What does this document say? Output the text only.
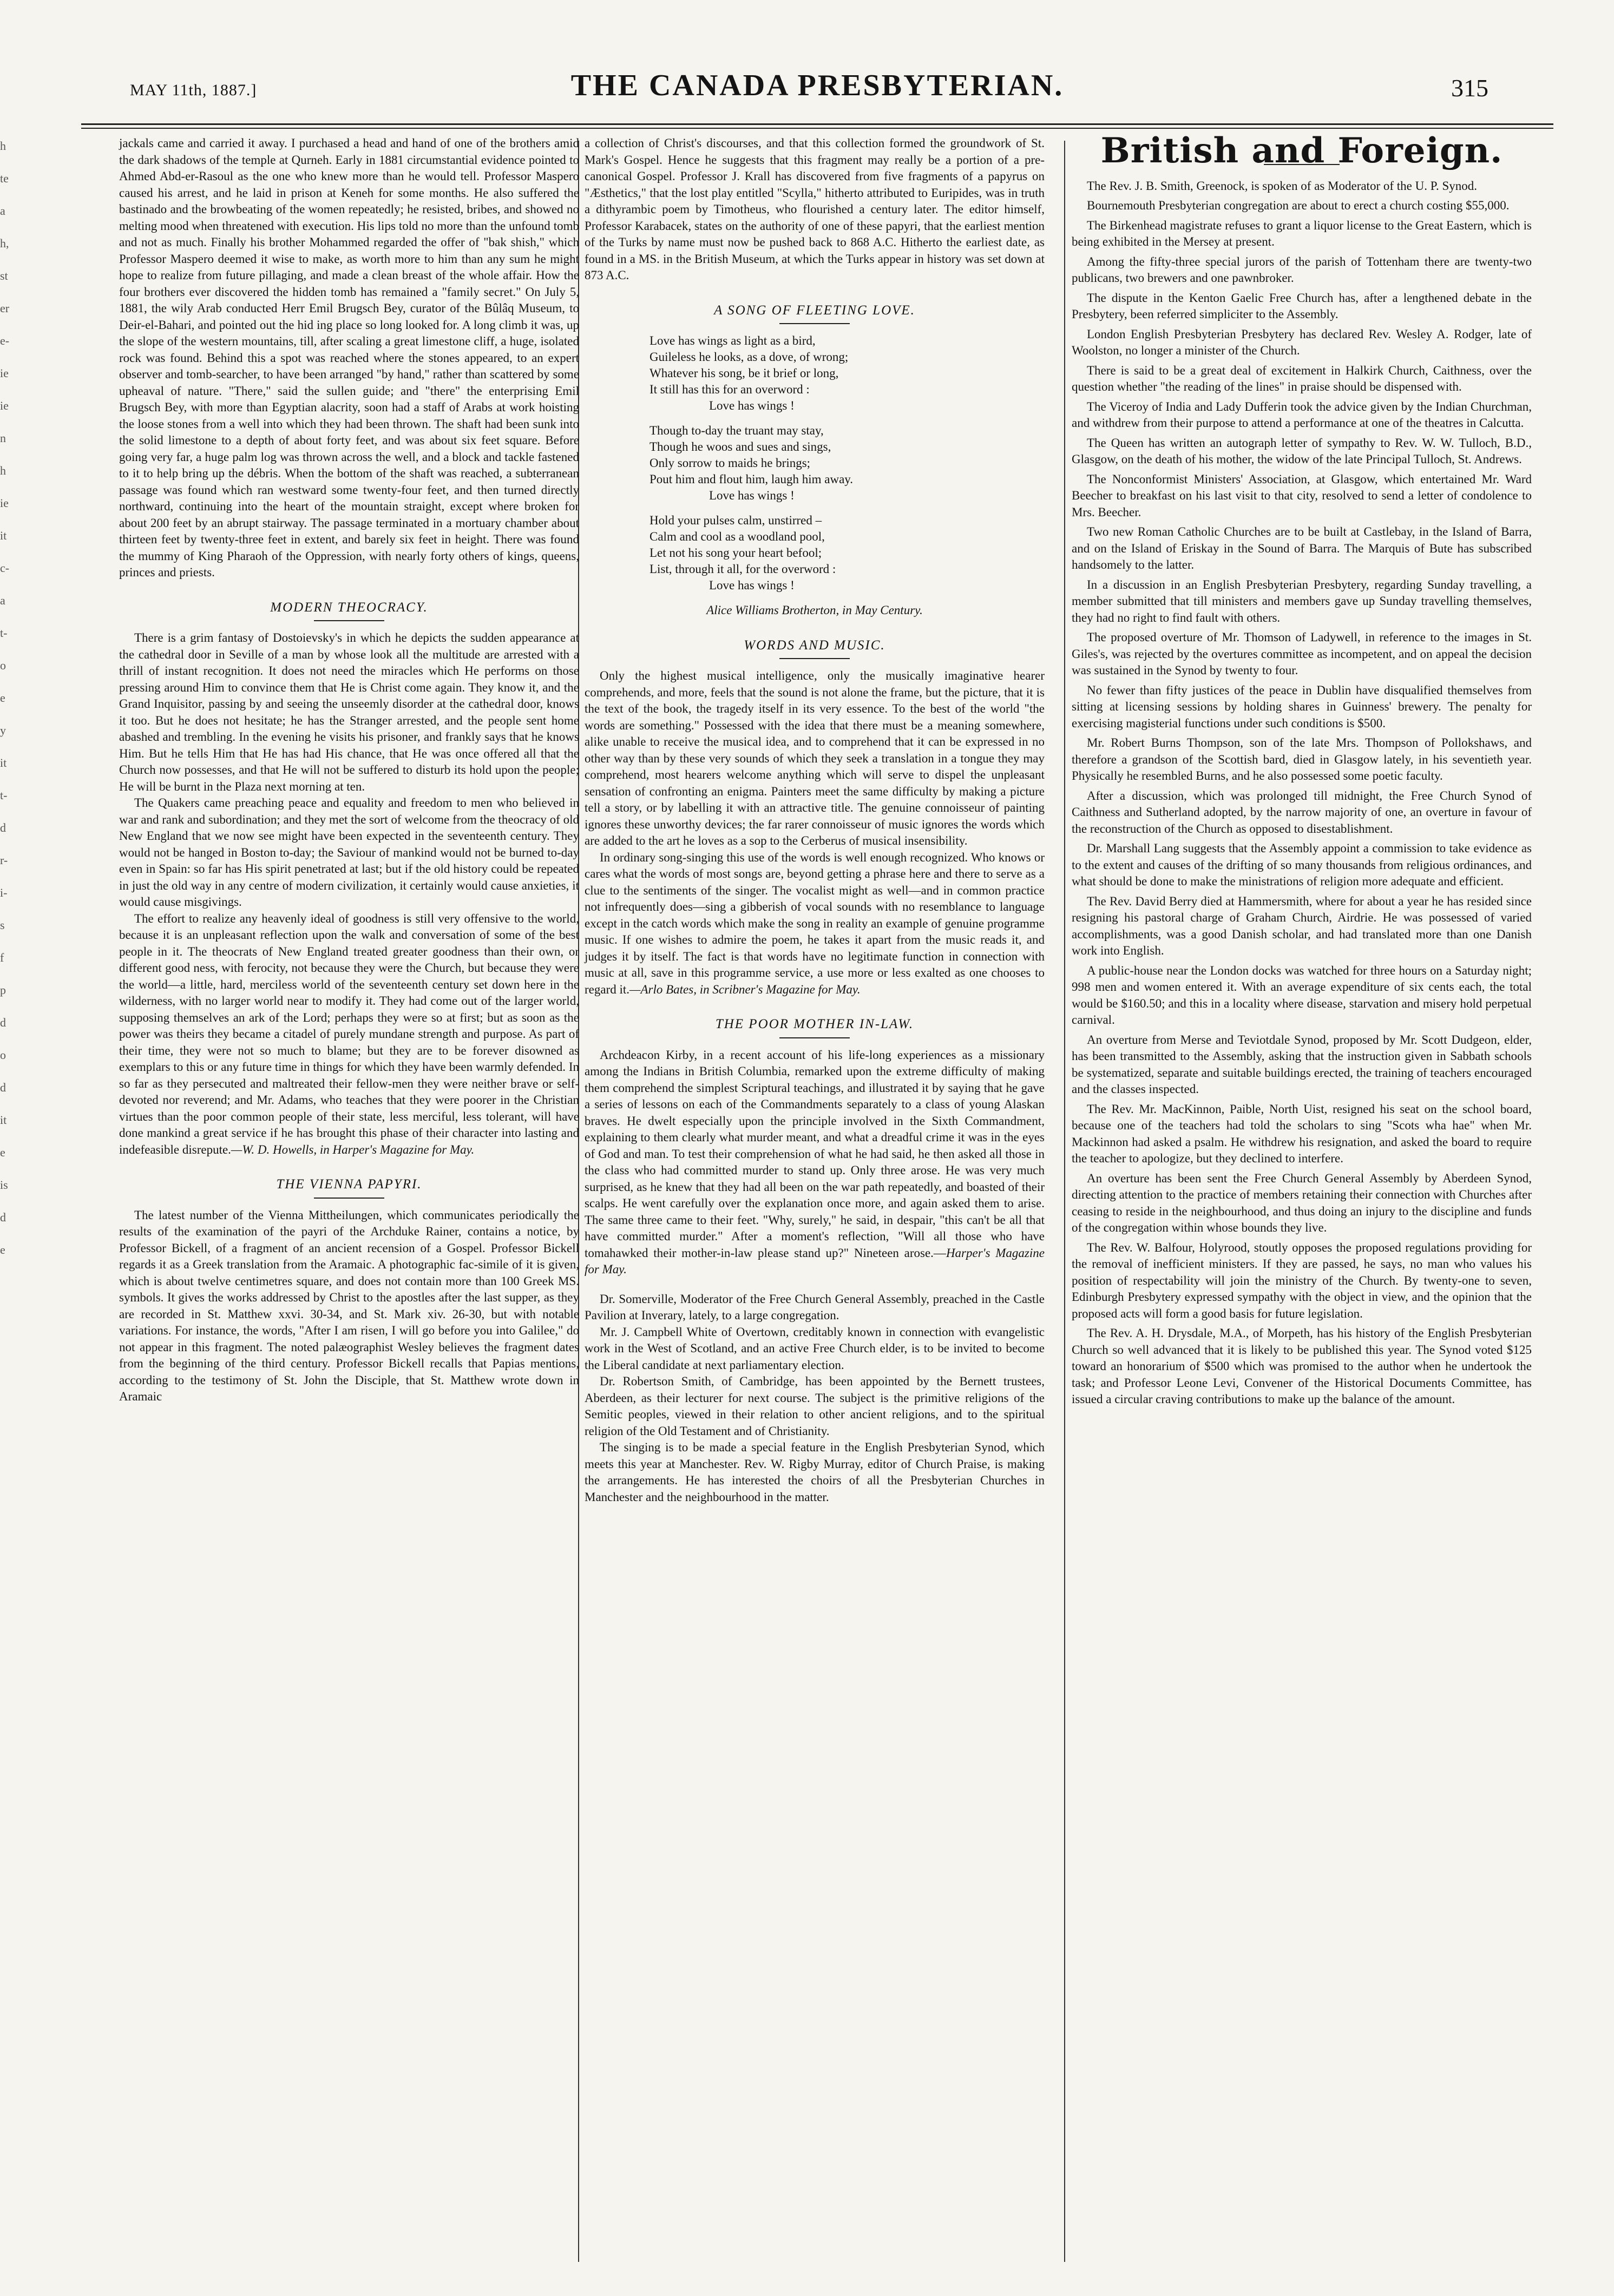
h
te
a
h,
st
er
e-
ie
ie
n
h
ie
it
c-
a
t-
o
e
y
it
t-
d
r-
i-
s
f
p
d
o
d
it
e
is
d
e
MAY 11th, 1887.]	THE CANADA PRESBYTERIAN.	315

jackals came and carried it away. I purchased a head and hand of one of the brothers amid the dark shadows of the temple at Qurneh. Early in 1881 circumstantial evidence pointed to Ahmed Abd-er-Rasoul as the one who knew more than he would tell. Professor Maspero caused his arrest, and he laid in prison at Keneh for some months. He also suffered the bastinado and the browbeating of the women repeatedly; he resisted, bribes, and showed no melting mood when threatened with execution. His lips told no more than the unfound tomb and not as much. Finally his brother Mohammed regarded the offer of "bak shish," which Professor Maspero deemed it wise to make, as worth more to him than any sum he might hope to realize from future pillaging, and made a clean breast of the whole affair. How the four brothers ever discovered the hidden tomb has remained a "family secret." On July 5, 1881, the wily Arab conducted Herr Emil Brugsch Bey, curator of the Bûlâq Museum, to Deir-el-Bahari, and pointed out the hid ing place so long looked for. A long climb it was, up the slope of the western mountains, till, after scaling a great limestone cliff, a huge, isolated rock was found. Behind this a spot was reached where the stones appeared, to an expert observer and tomb-searcher, to have been arranged "by hand," rather than scattered by some upheaval of nature. "There," said the sullen guide; and "there" the enterprising Emil Brugsch Bey, with more than Egyptian alacrity, soon had a staff of Arabs at work hoisting the loose stones from a well into which they had been thrown. The shaft had been sunk into the solid limestone to a depth of about forty feet, and was about six feet square. Before going very far, a huge palm log was thrown across the well, and a block and tackle fastened to it to help bring up the débris. When the bottom of the shaft was reached, a subterranean passage was found which ran westward some twenty-four feet, and then turned directly northward, continuing into the heart of the mountain straight, except where broken for about 200 feet by an abrupt stairway. The passage terminated in a mortuary chamber about thirteen feet by twenty-three feet in extent, and barely six feet in height. There was found the mummy of King Pharaoh of the Oppression, with nearly forty others of kings, queens, princes and priests.

MODERN THEOCRACY.

There is a grim fantasy of Dostoievsky's in which he depicts the sudden appearance at the cathedral door in Seville of a man by whose look all the multitude are arrested with a thrill of instant recognition. It does not need the miracles which He performs on those pressing around Him to convince them that He is Christ come again. They know it, and the Grand Inquisitor, passing by and seeing the unseemly disorder at the cathedral door, knows it too. But he does not hesitate; he has the Stranger arrested, and the people sent home abashed and trembling. In the evening he visits his prisoner, and frankly says that he knows Him. But he tells Him that He has had His chance, that He was once offered all that the Church now possesses, and that He will not be suffered to disturb its hold upon the people; He will be burnt in the Plaza next morning at ten.

The Quakers came preaching peace and equality and freedom to men who believed in war and rank and subordination; and they met the sort of welcome from the theocracy of old New England that we now see might have been expected in the seventeenth century. They would not be hanged in Boston to-day; the Saviour of mankind would not be burned to-day even in Spain: so far has His spirit penetrated at last; but if the old history could be repeated in just the old way in any centre of modern civilization, it certainly would cause anxieties, it would cause misgivings.

The effort to realize any heavenly ideal of goodness is still very offensive to the world, because it is an unpleasant reflection upon the walk and conversation of some of the best people in it. The theocrats of New England treated greater goodness than their own, or different good ness, with ferocity, not because they were the Church, but because they were the world—a little, hard, merciless world of the seventeenth century set down here in the wilderness, with no larger world near to modify it. They had come out of the larger world, supposing themselves an ark of the Lord; perhaps they were so at first; but as soon as the power was theirs they became a citadel of purely mundane strength and purpose. As part of their time, they were not so much to blame; but they are to be forever disowned as exemplars to this or any future time in things for which they have been warmly defended. In so far as they persecuted and maltreated their fellow-men they were neither brave or self-devoted nor reverend; and Mr. Adams, who teaches that they were poorer in the Christian virtues than the poor common people of their state, less merciful, less tolerant, will have done mankind a great service if he has brought this phase of their character into lasting and indefeasible disrepute.—W. D. Howells, in Harper's Magazine for May.

THE VIENNA PAPYRI.

The latest number of the Vienna Mittheilungen, which communicates periodically the results of the examination of the payri of the Archduke Rainer, contains a notice, by Professor Bickell, of a fragment of an ancient recension of a Gospel. Professor Bickell regards it as a Greek translation from the Aramaic. A photographic fac-simile of it is given, which is about twelve centimetres square, and does not contain more than 100 Greek MS. symbols. It gives the works addressed by Christ to the apostles after the last supper, as they are recorded in St. Matthew xxvi. 30-34, and St. Mark xiv. 26-30, but with notable variations. For instance, the words, "After I am risen, I will go before you into Galilee," do not appear in this fragment. The noted palæographist Wesley believes the fragment dates from the beginning of the third century. Professor Bickell recalls that Papias mentions, according to the testimony of St. John the Disciple, that St. Matthew wrote down in Aramaic

a collection of Christ's discourses, and that this collection formed the groundwork of St. Mark's Gospel. Hence he suggests that this fragment may really be a portion of a pre-canonical Gospel. Professor J. Krall has discovered from five fragments of a papyrus on "Æsthetics," that the lost play entitled "Scylla," hitherto attributed to Euripides, was in truth a dithyrambic poem by Timotheus, who flourished a century later. The editor himself, Professor Karabacek, states on the authority of one of these papyri, that the earliest mention of the Turks by name must now be pushed back to 868 A.C. Hitherto the earliest date, as found in a MS. in the British Museum, at which the Turks appear in history was set down at 873 A.C.

A SONG OF FLEETING LOVE.
Love has wings as light as a bird,
Guileless he looks, as a dove, of wrong;
Whatever his song, be it brief or long,
It still has this for an overword :
Love has wings !
Though to-day the truant may stay,
Though he woos and sues and sings,
Only sorrow to maids he brings;
Pout him and flout him, laugh him away.
Love has wings !
Hold your pulses calm, unstirred –
Calm and cool as a woodland pool,
Let not his song your heart befool;
List, through it all, for the overword :
Love has wings !
Alice Williams Brotherton, in May Century.
WORDS AND MUSIC.

Only the highest musical intelligence, only the musically imaginative hearer comprehends, and more, feels that the sound is not alone the frame, but the picture, that it is the text of the book, the tragedy itself in its very essence. To the best of the world "the words are something." Possessed with the idea that there must be a meaning somewhere, alike unable to receive the musical idea, and to comprehend that it can be expressed in no other way than by these very sounds of which they seek a translation in a tongue they may comprehend, most hearers welcome anything which will serve to dispel the unpleasant sensation of confronting an enigma. Painters meet the same difficulty by making a picture tell a story, or by labelling it with an attractive title. The genuine connoisseur of painting ignores these unworthy devices; the far rarer connoisseur of music ignores the words which are added to the art he loves as a sop to the Cerberus of musical insensibility.

In ordinary song-singing this use of the words is well enough recognized. Who knows or cares what the words of most songs are, beyond getting a phrase here and there to serve as a clue to the sentiments of the singer. The vocalist might as well—and in common practice not infrequently does—sing a gibberish of vocal sounds with no resemblance to language except in the catch words which make the song in reality an example of genuine programme music. If one wishes to admire the poem, he takes it apart from the music reads it, and judges it by itself. The fact is that words have no legitimate function in connection with music at all, save in this programme service, a use more or less exalted as one chooses to regard it.—Arlo Bates, in Scribner's Magazine for May.

THE POOR MOTHER IN-LAW.

Archdeacon Kirby, in a recent account of his life-long experiences as a missionary among the Indians in British Columbia, remarked upon the extreme difficulty of making them comprehend the simplest Scriptural teachings, and illustrated it by saying that he gave a series of lessons on each of the Commandments separately to a class of young Alaskan braves. He dwelt especially upon the principle involved in the Sixth Commandment, explaining to them clearly what murder meant, and what a dreadful crime it was in the eyes of God and man. To test their comprehension of what he had said, he then asked all those in the class who had committed murder to stand up. Only three arose. He was very much surprised, as he knew that they had all been on the war path repeatedly, and boasted of their scalps. He went carefully over the explanation once more, and again asked them to arise. The same three came to their feet. "Why, surely," he said, in despair, "this can't be all that have committed murder." After a moment's reflection, "Will all those who have tomahawked their mother-in-law please stand up?" Nineteen arose.—Harper's Magazine for May.

Dr. Somerville, Moderator of the Free Church General Assembly, preached in the Castle Pavilion at Inverary, lately, to a large congregation.

Mr. J. Campbell White of Overtown, creditably known in connection with evangelistic work in the West of Scotland, and an active Free Church elder, is to be invited to become the Liberal candidate at next parliamentary election.

Dr. Robertson Smith, of Cambridge, has been appointed by the Bernett trustees, Aberdeen, as their lecturer for next course. The subject is the primitive religions of the Semitic peoples, viewed in their relation to other ancient religions, and to the spiritual religion of the Old Testament and of Christianity.

The singing is to be made a special feature in the English Presbyterian Synod, which meets this year at Manchester. Rev. W. Rigby Murray, editor of Church Praise, is making the arrangements. He has interested the choirs of all the Presbyterian Churches in Manchester and the neighbourhood in the matter.

British and Foreign.

The Rev. J. B. Smith, Greenock, is spoken of as Moderator of the U. P. Synod.

Bournemouth Presbyterian congregation are about to erect a church costing $55,000.

The Birkenhead magistrate refuses to grant a liquor license to the Great Eastern, which is being exhibited in the Mersey at present.

Among the fifty-three special jurors of the parish of Tottenham there are twenty-two publicans, two brewers and one pawnbroker.

The dispute in the Kenton Gaelic Free Church has, after a lengthened debate in the Presbytery, been referred simpliciter to the Assembly.

London English Presbyterian Presbytery has declared Rev. Wesley A. Rodger, late of Woolston, no longer a minister of the Church.

There is said to be a great deal of excitement in Halkirk Church, Caithness, over the question whether "the reading of the lines" in praise should be dispensed with.

The Viceroy of India and Lady Dufferin took the advice given by the Indian Churchman, and withdrew from their purpose to attend a performance at one of the theatres in Calcutta.

The Queen has written an autograph letter of sympathy to Rev. W. W. Tulloch, B.D., Glasgow, on the death of his mother, the widow of the late Principal Tulloch, St. Andrews.

The Nonconformist Ministers' Association, at Glasgow, which entertained Mr. Ward Beecher to breakfast on his last visit to that city, resolved to send a letter of condolence to Mrs. Beecher.

Two new Roman Catholic Churches are to be built at Castlebay, in the Island of Barra, and on the Island of Eriskay in the Sound of Barra. The Marquis of Bute has subscribed handsomely to the latter.

In a discussion in an English Presbyterian Presbytery, regarding Sunday travelling, a member submitted that till ministers and members gave up Sunday travelling themselves, they had no right to find fault with others.

The proposed overture of Mr. Thomson of Ladywell, in reference to the images in St. Giles's, was rejected by the overtures committee as incompetent, and on appeal the decision was sustained in the Synod by twenty to four.

No fewer than fifty justices of the peace in Dublin have disqualified themselves from sitting at licensing sessions by holding shares in Guinness' brewery. The penalty for exercising magisterial functions under such conditions is $500.

Mr. Robert Burns Thompson, son of the late Mrs. Thompson of Pollokshaws, and therefore a grandson of the Scottish bard, died in Glasgow lately, in his seventieth year. Physically he resembled Burns, and he also possessed some poetic faculty.

After a discussion, which was prolonged till midnight, the Free Church Synod of Caithness and Sutherland adopted, by the narrow majority of one, an overture in favour of the reconstruction of the Church as opposed to disestablishment.

Dr. Marshall Lang suggests that the Assembly appoint a commission to take evidence as to the extent and causes of the drifting of so many thousands from religious ordinances, and what should be done to make the ministrations of religion more adequate and efficient.

The Rev. David Berry died at Hammersmith, where for about a year he has resided since resigning his pastoral charge of Graham Church, Airdrie. He was possessed of varied accomplishments, was a good Danish scholar, and had translated more than one Danish work into English.

A public-house near the London docks was watched for three hours on a Saturday night; 998 men and women entered it. With an average expenditure of six cents each, the total would be $160.50; and this in a locality where disease, starvation and misery hold perpetual carnival.

An overture from Merse and Teviotdale Synod, proposed by Mr. Scott Dudgeon, elder, has been transmitted to the Assembly, asking that the instruction given in Sabbath schools be systematized, separate and suitable buildings erected, the training of teachers encouraged and the classes inspected.

The Rev. Mr. MacKinnon, Paible, North Uist, resigned his seat on the school board, because one of the teachers had told the scholars to sing "Scots wha hae" when Mr. Mackinnon had asked a psalm. He withdrew his resignation, and asked the board to require the teacher to apologize, but they declined to interfere.

An overture has been sent the Free Church General Assembly by Aberdeen Synod, directing attention to the practice of members retaining their connection with Churches after ceasing to reside in the neighbourhood, and thus doing an injury to the discipline and funds of the congregation within whose bounds they live.

The Rev. W. Balfour, Holyrood, stoutly opposes the proposed regulations providing for the removal of inefficient ministers. If they are passed, he says, no man who values his position of respectability will join the ministry of the Church. By twenty-one to seven, Edinburgh Presbytery expressed sympathy with the object in view, and the opinion that the proposed acts will form a good basis for future legislation.

The Rev. A. H. Drysdale, M.A., of Morpeth, has his history of the English Presbyterian Church so well advanced that it is likely to be published this year. The Synod voted $125 toward an honorarium of $500 which was promised to the author when he undertook the task; and Professor Leone Levi, Convener of the Historical Documents Committee, has issued a circular craving contributions to make up the balance of the amount.
